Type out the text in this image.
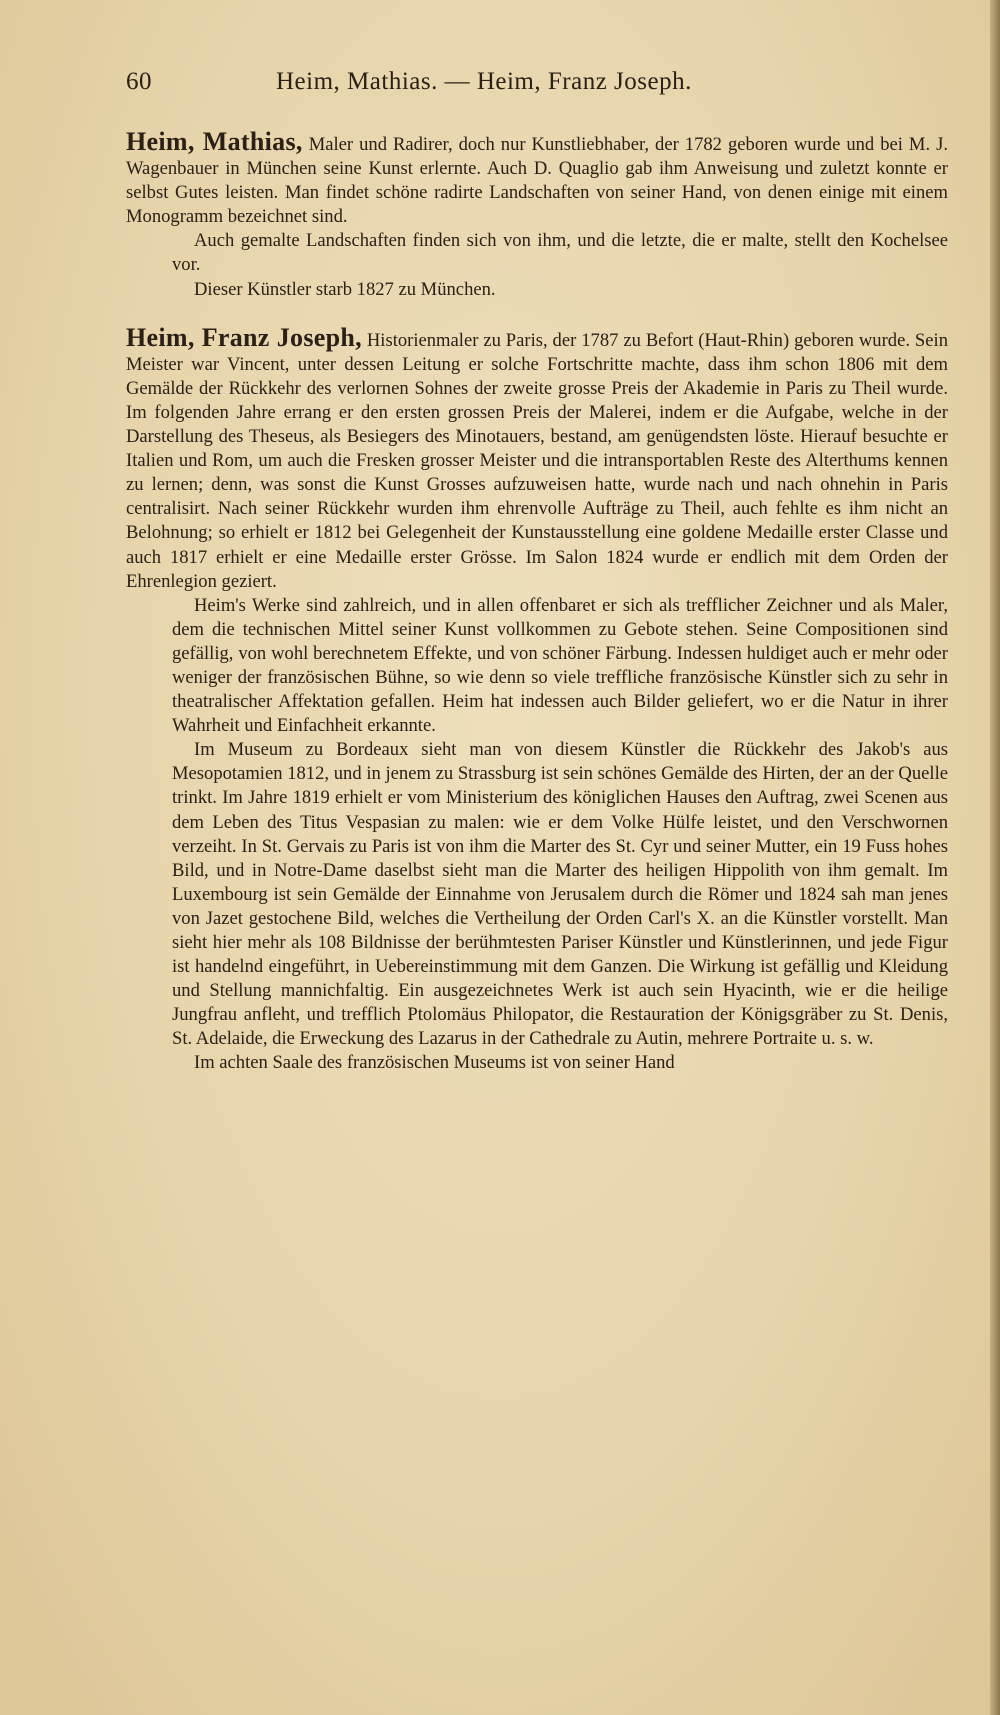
60	Heim, Mathias. — Heim, Franz Joseph.

Heim, Mathias, Maler und Radirer, doch nur Kunstliebhaber, der 1782 geboren wurde und bei M. J. Wagenbauer in München seine Kunst erlernte. Auch D. Quaglio gab ihm Anweisung und zuletzt konnte er selbst Gutes leisten. Man findet schöne radirte Landschaften von seiner Hand, von denen einige mit einem Monogramm bezeichnet sind.

Auch gemalte Landschaften finden sich von ihm, und die letzte, die er malte, stellt den Kochelsee vor.

Dieser Künstler starb 1827 zu München.

Heim, Franz Joseph, Historienmaler zu Paris, der 1787 zu Befort (Haut-Rhin) geboren wurde. Sein Meister war Vincent, unter dessen Leitung er solche Fortschritte machte, dass ihm schon 1806 mit dem Gemälde der Rückkehr des verlornen Sohnes der zweite grosse Preis der Akademie in Paris zu Theil wurde. Im folgenden Jahre errang er den ersten grossen Preis der Malerei, indem er die Aufgabe, welche in der Darstellung des Theseus, als Besiegers des Minotauers, bestand, am genügendsten löste. Hierauf besuchte er Italien und Rom, um auch die Fresken grosser Meister und die intransportablen Reste des Alterthums kennen zu lernen; denn, was sonst die Kunst Grosses aufzuweisen hatte, wurde nach und nach ohnehin in Paris centralisirt. Nach seiner Rückkehr wurden ihm ehrenvolle Aufträge zu Theil, auch fehlte es ihm nicht an Belohnung; so erhielt er 1812 bei Gelegenheit der Kunstausstellung eine goldene Medaille erster Classe und auch 1817 erhielt er eine Medaille erster Grösse. Im Salon 1824 wurde er endlich mit dem Orden der Ehrenlegion geziert.

Heim's Werke sind zahlreich, und in allen offenbaret er sich als trefflicher Zeichner und als Maler, dem die technischen Mittel seiner Kunst vollkommen zu Gebote stehen. Seine Compositionen sind gefällig, von wohl berechnetem Effekte, und von schöner Färbung. Indessen huldiget auch er mehr oder weniger der französischen Bühne, so wie denn so viele treffliche französische Künstler sich zu sehr in theatralischer Affektation gefallen. Heim hat indessen auch Bilder geliefert, wo er die Natur in ihrer Wahrheit und Einfachheit erkannte.

Im Museum zu Bordeaux sieht man von diesem Künstler die Rückkehr des Jakob's aus Mesopotamien 1812, und in jenem zu Strassburg ist sein schönes Gemälde des Hirten, der an der Quelle trinkt. Im Jahre 1819 erhielt er vom Ministerium des königlichen Hauses den Auftrag, zwei Scenen aus dem Leben des Titus Vespasian zu malen: wie er dem Volke Hülfe leistet, und den Verschwornen verzeiht. In St. Gervais zu Paris ist von ihm die Marter des St. Cyr und seiner Mutter, ein 19 Fuss hohes Bild, und in Notre-Dame daselbst sieht man die Marter des heiligen Hippolith von ihm gemalt. Im Luxembourg ist sein Gemälde der Einnahme von Jerusalem durch die Römer und 1824 sah man jenes von Jazet gestochene Bild, welches die Vertheilung der Orden Carl's X. an die Künstler vorstellt. Man sieht hier mehr als 108 Bildnisse der berühmtesten Pariser Künstler und Künstlerinnen, und jede Figur ist handelnd eingeführt, in Uebereinstimmung mit dem Ganzen. Die Wirkung ist gefällig und Kleidung und Stellung mannichfaltig. Ein ausgezeichnetes Werk ist auch sein Hyacinth, wie er die heilige Jungfrau anfleht, und trefflich Ptolomäus Philopator, die Restauration der Königsgräber zu St. Denis, St. Adelaide, die Erweckung des Lazarus in der Cathedrale zu Autin, mehrere Portraite u. s. w.

Im achten Saale des französischen Museums ist von seiner Hand
